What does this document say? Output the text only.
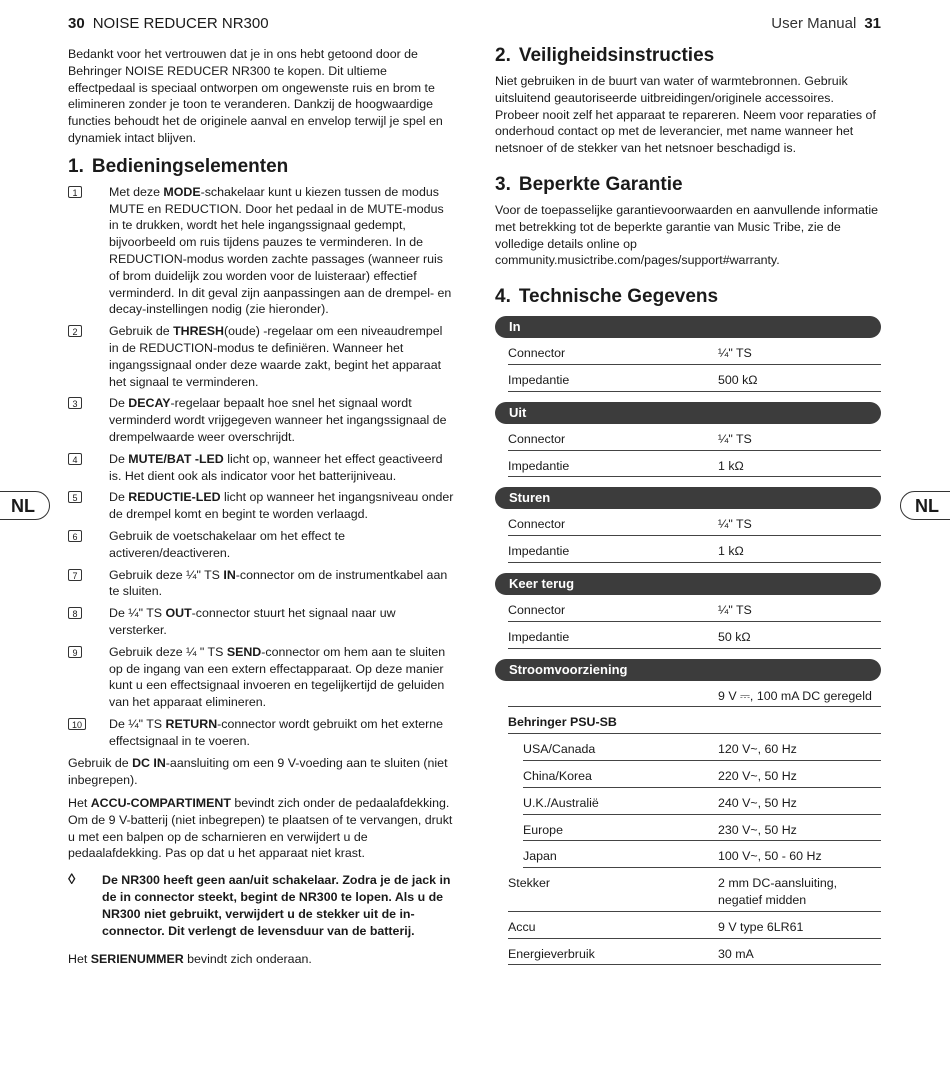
30 NOISE REDUCER NR300	User Manual 31
NL	NL

Bedankt voor het vertrouwen dat je in ons hebt getoond door de Behringer NOISE REDUCER NR300 te kopen. Dit ultieme effectpedaal is speciaal ontworpen om ongewenste ruis en brom te elimineren zonder je toon te veranderen. Dankzij de hoogwaardige functies behoudt het de originele aanval en envelop terwijl je spel en dynamiek intact blijven.

1. Bedieningselementen
1	Met deze MODE-schakelaar kunt u kiezen tussen de modus MUTE en REDUCTION. Door het pedaal in de MUTE-modus in te drukken, wordt het hele ingangssignaal gedempt, bijvoorbeeld om ruis tijdens pauzes te verminderen. In de REDUCTION-modus worden zachte passages (wanneer ruis of brom duidelijk zou worden voor de luisteraar) effectief verminderd. In dit geval zijn aanpassingen aan de drempel- en decay-instellingen nodig (zie hieronder).
2	Gebruik de THRESH(oude) -regelaar om een niveaudrempel in de REDUCTION-modus te definiëren. Wanneer het ingangssignaal onder deze waarde zakt, begint het apparaat het signaal te verminderen.
3	De DECAY-regelaar bepaalt hoe snel het signaal wordt verminderd wordt vrijgegeven wanneer het ingangssignaal de drempelwaarde weer overschrijdt.
4	De MUTE/BAT -LED licht op, wanneer het effect geactiveerd is. Het dient ook als indicator voor het batterijniveau.
5	De REDUCTIE-LED licht op wanneer het ingangsniveau onder de drempel komt en begint te worden verlaagd.
6	Gebruik de voetschakelaar om het effect te activeren/deactiveren.
7	Gebruik deze ¼" TS IN-connector om de instrumentkabel aan te sluiten.
8	De ¼" TS OUT-connector stuurt het signaal naar uw versterker.
9	Gebruik deze ¼ " TS SEND-connector om hem aan te sluiten op de ingang van een extern effectapparaat. Op deze manier kunt u een effectsignaal invoeren en tegelijkertijd de geluiden van het apparaat elimineren.
10	De ¼" TS RETURN-connector wordt gebruikt om het externe effectsignaal in te voeren.

Gebruik de DC IN-aansluiting om een 9 V-voeding aan te sluiten (niet inbegrepen).

Het ACCU-COMPARTIMENT bevindt zich onder de pedaalafdekking. Om de 9 V-batterij (niet inbegrepen) te plaatsen of te vervangen, drukt u met een balpen op de scharnieren en verwijdert u de pedaalafdekking. Pas op dat u het apparaat niet krast.

◊	De NR300 heeft geen aan/uit schakelaar. Zodra je de jack in de in connector steekt, begint de NR300 te lopen. Als u de NR300 niet gebruikt, verwijdert u de stekker uit de in-connector. Dit verlengt de levensduur van de batterij.

Het SERIENUMMER bevindt zich onderaan.

2. Veiligheidsinstructies

Niet gebruiken in de buurt van water of warmtebronnen. Gebruik uitsluitend geautoriseerde uitbreidingen/originele accessoires. Probeer nooit zelf het apparaat te repareren. Neem voor reparaties of onderhoud contact op met de leverancier, met name wanneer het netsnoer of de stekker van het netsnoer beschadigd is.

3. Beperkte Garantie

Voor de toepasselijke garantievoorwaarden en aanvullende informatie met betrekking tot de beperkte garantie van Music Tribe, zie de volledige details online op community.musictribe.com/pages/support#warranty.

4. Technische Gegevens
In
Connector	¼" TS
Impedantie	500 kΩ
Uit
Connector	¼" TS
Impedantie	1 kΩ
Sturen
Connector	¼" TS
Impedantie	1 kΩ
Keer terug
Connector	¼" TS
Impedantie	50 kΩ
Stroomvoorziening
9 V ⎓, 100 mA DC geregeld
Behringer PSU-SB
USA/Canada	120 V~, 60 Hz
China/Korea	220 V~, 50 Hz
U.K./Australië	240 V~, 50 Hz
Europe	230 V~, 50 Hz
Japan	100 V~, 50 - 60 Hz
Stekker	2 mm DC-aansluiting, negatief midden
Accu	9 V type 6LR61
Energieverbruik	30 mA
